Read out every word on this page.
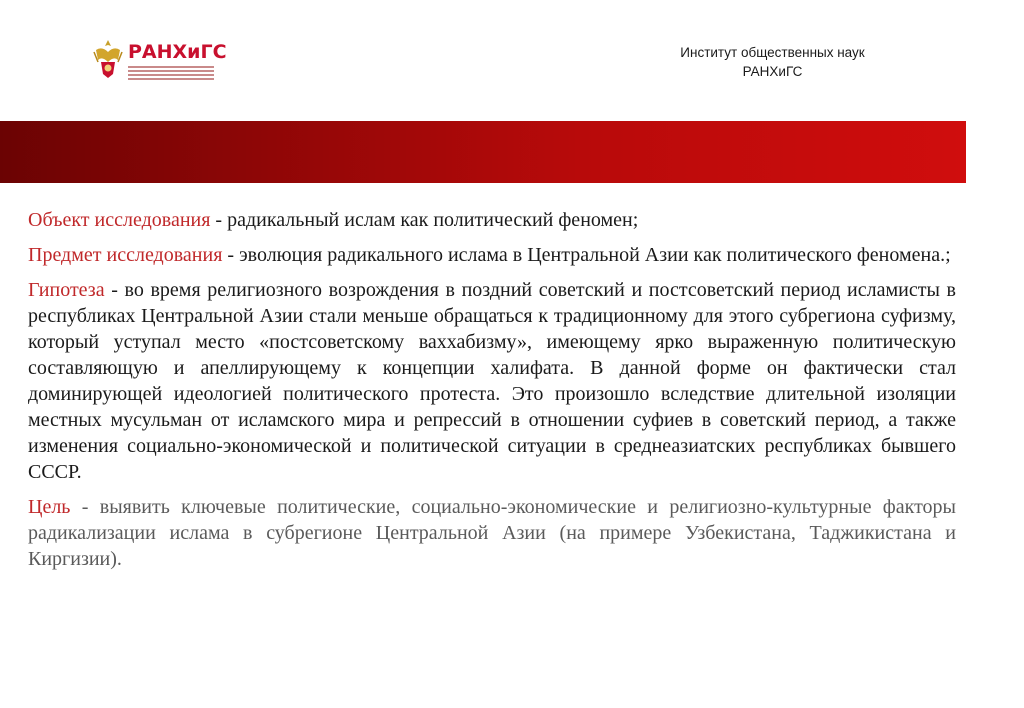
РАНХиГС	Институт общественных наук
РАНХиГС

Объект исследования - радикальный ислам как политический феномен;

Предмет исследования - эволюция радикального ислама в Центральной Азии как политического феномена.;

Гипотеза - во время религиозного возрождения в поздний советский и постсоветский период исламисты в республиках Центральной Азии стали меньше обращаться к традиционному для этого субрегиона суфизму, который уступал место «постсоветскому ваххабизму», имеющему ярко выраженную политическую составляющую и апеллирующему к концепции халифата. В данной форме он фактически стал доминирующей идеологией политического протеста. Это произошло вследствие длительной изоляции местных мусульман от исламского мира и репрессий в отношении суфиев в советский период, а также изменения социально-экономической и политической ситуации в среднеазиатских республиках бывшего СССР.

Цель - выявить ключевые политические, социально-экономические и религиозно-культурные факторы радикализации ислама в субрегионе Центральной Азии (на примере Узбекистана, Таджикистана и Киргизии).
